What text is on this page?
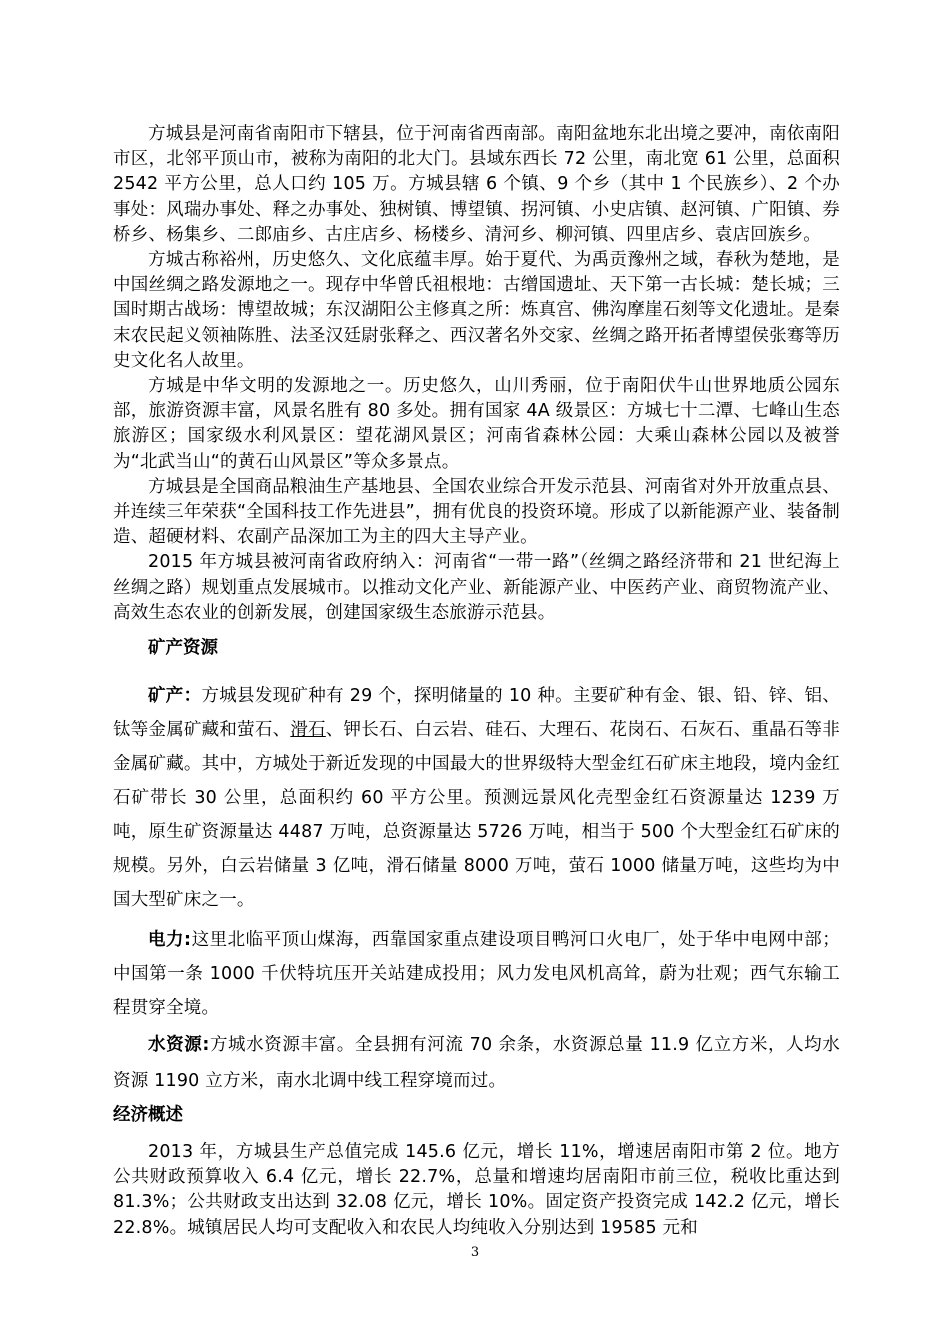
方城县是河南省南阳市下辖县，位于河南省西南部。南阳盆地东北出境之要冲，南依南阳市区，北邻平顶山市，被称为南阳的北大门。县域东西长 72 公里，南北宽 61 公里，总面积 2542 平方公里，总人口约 105 万。方城县辖 6 个镇、9 个乡（其中 1 个民族乡）、2 个办事处：风瑞办事处、释之办事处、独树镇、博望镇、拐河镇、小史店镇、赵河镇、广阳镇、券桥乡、杨集乡、二郎庙乡、古庄店乡、杨楼乡、清河乡、柳河镇、四里店乡、袁店回族乡。

方城古称裕州，历史悠久、文化底蕴丰厚。始于夏代、为禹贡豫州之域，春秋为楚地，是中国丝绸之路发源地之一。现存中华曾氏祖根地：古缯国遗址、天下第一古长城：楚长城；三国时期古战场：博望故城；东汉湖阳公主修真之所：炼真宫、佛沟摩崖石刻等文化遗址。是秦末农民起义领袖陈胜、法圣汉廷尉张释之、西汉著名外交家、丝绸之路开拓者博望侯张骞等历史文化名人故里。

方城是中华文明的发源地之一。历史悠久，山川秀丽，位于南阳伏牛山世界地质公园东部，旅游资源丰富，风景名胜有 80 多处。拥有国家 4A 级景区：方城七十二潭、七峰山生态旅游区；国家级水利风景区：望花湖风景区；河南省森林公园：大乘山森林公园以及被誉为“北武当山“的黄石山风景区”等众多景点。

方城县是全国商品粮油生产基地县、全国农业综合开发示范县、河南省对外开放重点县、并连续三年荣获“全国科技工作先进县”，拥有优良的投资环境。形成了以新能源产业、装备制造、超硬材料、农副产品深加工为主的四大主导产业。

2015 年方城县被河南省政府纳入：河南省“一带一路”（丝绸之路经济带和 21 世纪海上丝绸之路）规划重点发展城市。以推动文化产业、新能源产业、中医药产业、商贸物流产业、高效生态农业的创新发展，创建国家级生态旅游示范县。

矿产资源

矿产：方城县发现矿种有 29 个，探明储量的 10 种。主要矿种有金、银、铅、锌、铝、钛等金属矿藏和萤石、滑石、钾长石、白云岩、硅石、大理石、花岗石、石灰石、重晶石等非金属矿藏。其中，方城处于新近发现的中国最大的世界级特大型金红石矿床主地段，境内金红石矿带长 30 公里，总面积约 60 平方公里。预测远景风化壳型金红石资源量达 1239 万吨，原生矿资源量达 4487 万吨，总资源量达 5726 万吨，相当于 500 个大型金红石矿床的规模。另外，白云岩储量 3 亿吨，滑石储量 8000 万吨，萤石 1000 储量万吨，这些均为中国大型矿床之一。

电力:这里北临平顶山煤海，西靠国家重点建设项目鸭河口火电厂，处于华中电网中部；中国第一条 1000 千伏特坑压开关站建成投用；风力发电风机高耸，蔚为壮观；西气东输工程贯穿全境。

水资源:方城水资源丰富。全县拥有河流 70 余条，水资源总量 11.9 亿立方米，人均水资源 1190 立方米，南水北调中线工程穿境而过。

经济概述

2013 年，方城县生产总值完成 145.6 亿元，增长 11%，增速居南阳市第 2 位。地方公共财政预算收入 6.4 亿元，增长 22.7%，总量和增速均居南阳市前三位，税收比重达到 81.3%；公共财政支出达到 32.08 亿元，增长 10%。固定资产投资完成 142.2 亿元，增长 22.8%。城镇居民人均可支配收入和农民人均纯收入分别达到 19585 元和

3
